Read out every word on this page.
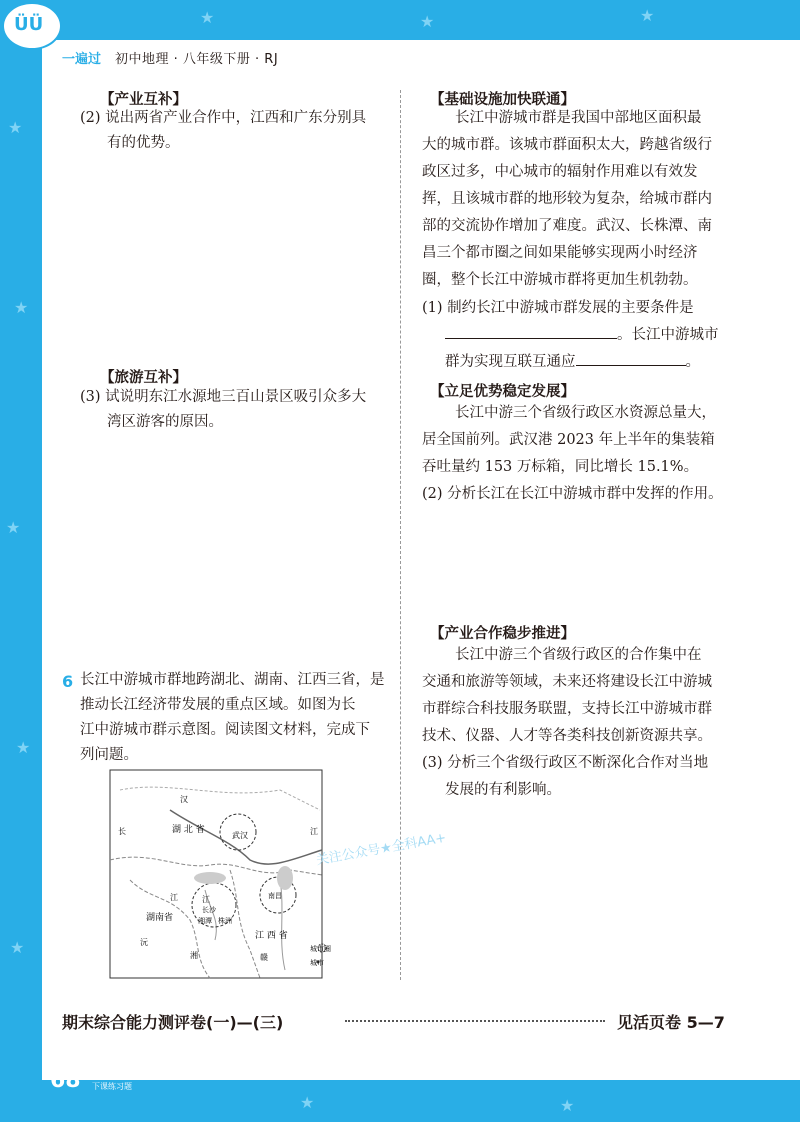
★
★
★
★
★
★	★	★
★	★
ÜÜ
一遍过 初中地理 · 八年级下册 · RJ
【产业互补】
(2) 说出两省产业合作中，江西和广东分别具
有的优势。
【旅游互补】
(3) 试说明东江水源地三百山景区吸引众多大
湾区游客的原因。
6 长江中游城市群地跨湖北、湖南、江西三省，是
推动长江经济带发展的重点区域。如图为长
江中游城市群示意图。阅读图文材料，完成下
列问题。
湖 北 省
武汉
长	江
江
湖南省
长沙
湘潭 株洲
南昌
江 西 省
湘	赣
汉
沅
江
城市圈
城市
【基础设施加快联通】
长江中游城市群是我国中部地区面积最
大的城市群。该城市群面积太大，跨越省级行
政区过多，中心城市的辐射作用难以有效发
挥，且该城市群的地形较为复杂，给城市群内
部的交流协作增加了难度。武汉、长株潭、南
昌三个都市圈之间如果能够实现两小时经济
圈，整个长江中游城市群将更加生机勃勃。
(1) 制约长江中游城市群发展的主要条件是
。长江中游城市
群为实现互联互通应	。
【立足优势稳定发展】
长江中游三个省级行政区水资源总量大，
居全国前列。武汉港 2023 年上半年的集装箱
吞吐量约 153 万标箱，同比增长 15.1%。
(2) 分析长江在长江中游城市群中发挥的作用。
【产业合作稳步推进】
长江中游三个省级行政区的合作集中在
交通和旅游等领域，未来还将建设长江中游城
市群综合科技服务联盟，支持长江中游城市群
技术、仪器、人才等各类科技创新资源共享。
(3) 分析三个省级行政区不断深化合作对当地
发展的有利影响。
关注公众号★全科AA+
期末综合能力测评卷(一)—(三)	见活页卷 5—7
68 上课认真听
下课练习题
